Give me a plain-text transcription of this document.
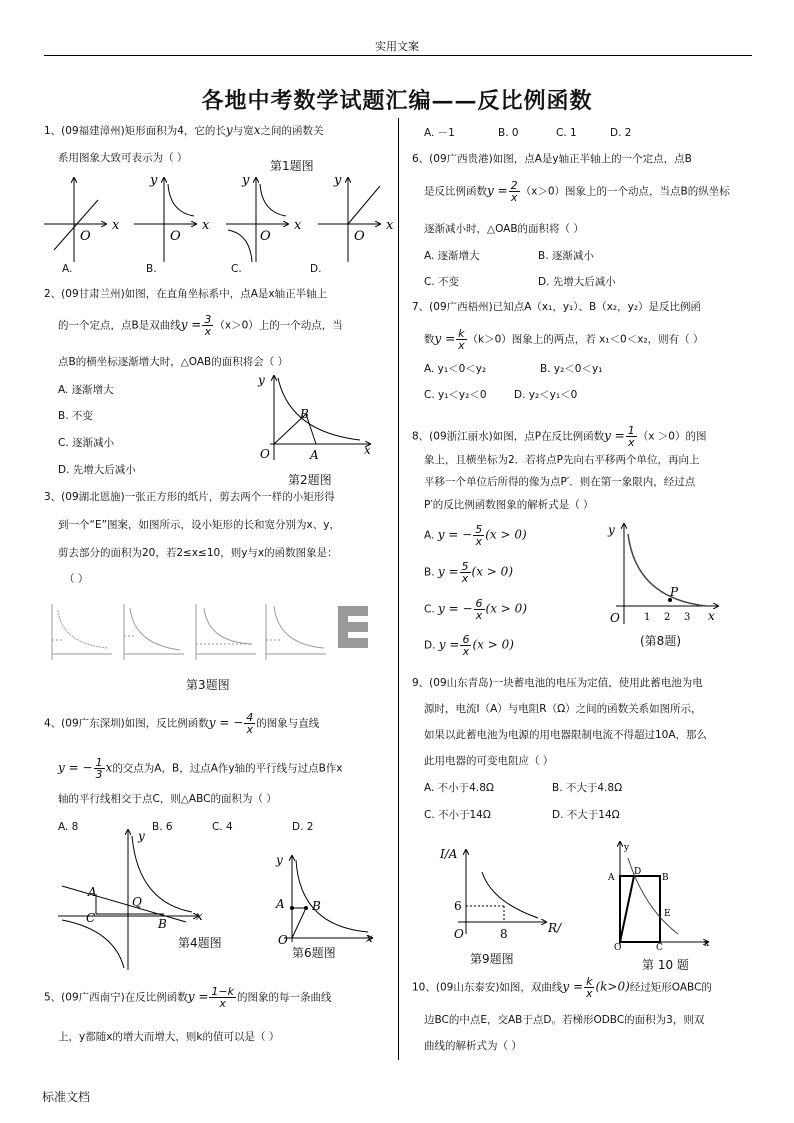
实用文案
各地中考数学试题汇编——反比例函数
标准文档
1、(09福建漳州)矩形面积为4，它的长y与宽x之间的函数关
系用图象大致可表示为（ ）
第1题图
x
O
y
x
O
y
x
O
y
x
O
A.	B.	C.	D.
2、(09甘肃兰州)如图，在直角坐标系中，点A是x轴正半轴上
的一个定点，点B是双曲线$y = \frac{3}{x} (x>0)$上的一个动点，当
点B的横坐标逐渐增大时，△OAB的面积将会（ ）
A. 逐渐增大
B. 不变
C. 逐渐减小
D. 先增大后减小
y
x
O	A
B
第2题图
3、(09湖北恩施)一张正方形的纸片，剪去两个一样的小矩形得
到一个“E”图案，如图所示，设小矩形的长和宽分别为x、y，
剪去部分的面积为20，若2≤x≤10，则y与x的函数图象是：
（ ）
第3题图
4、(09广东深圳)如图，反比例函数y = − $\frac{4}{x}$ 的图象与直线
y = − $\frac{1}{3}$ x的交点为A，B，过点A作y轴的平行线与过点B作x
轴的平行线相交于点C，则△ABC的面积为（ ）
A. 8	B. 6	C. 4	D. 2
y
x
A
C
Q
B
第4题图
y
x
O
A B
第6题图
5、(09广西南宁)在反比例函数$y = \frac{1-k}{x}$ 的图象的每一条曲线
上，y都随x的增大而增大，则k的值可以是（ ）
A. －1	B. 0	C. 1	D. 2
6、(09广西贵港)如图，点A是y轴正半轴上的一个定点，点B
是反比例函数$y = \frac{2}{x} (x>0)$图象上的一个动点，当点B的纵坐标
逐渐减小时，△OAB的面积将（ ）
A. 逐渐增大	B. 逐渐减小
C. 不变	D. 先增大后减小
7、(09广西梧州)已知点A（x₁，y₁）、B（x₂，y₂）是反比例函
数$y = \frac{k}{x} (k>0)$图象上的两点，若 x₁＜0＜x₂，则有（ ）
A. y₁＜0＜y₂	B. y₂＜0＜y₁
C. y₁＜y₂＜0	D. y₂＜y₁＜0
8、(09浙江丽水)如图，点P在反比例函数$y = \frac{1}{x} (x >0)$的图
象上，且横坐标为2．若将点P先向右平移两个单位，再向上
平移一个单位后所得的像为点P′．则在第一象限内，经过点
P′的反比例函数图象的解析式是（ ）
A. y = − $\frac{5}{x} (x > 0)$
B. $y = \frac{5}{x} (x > 0)$
C. y = − $\frac{6}{x} (x > 0)$
D. $y = \frac{6}{x} (x > 0)$
y
x
O
P
1 2 3
(第8题)
9、(09山东青岛)一块蓄电池的电压为定值，使用此蓄电池为电
源时，电流I（A）与电阻R（Ω）之间的函数关系如图所示，
如果以此蓄电池为电源的用电器限制电流不得超过10A，那么
此用电器的可变电阻应（ ）
A. 不小于4.8Ω	B. 不大于4.8Ω
C. 不小于14Ω	D. 不大于14Ω
I/A
R/
6
8
O
第9题图
A
D
B
E
C
O
y
x
第 10 题
10、(09山东泰安)如图，双曲线$y = \frac{k}{x} (k>0)$经过矩形OABC的
边BC的中点E，交AB于点D。若梯形ODBC的面积为3，则双
曲线的解析式为（ ）
